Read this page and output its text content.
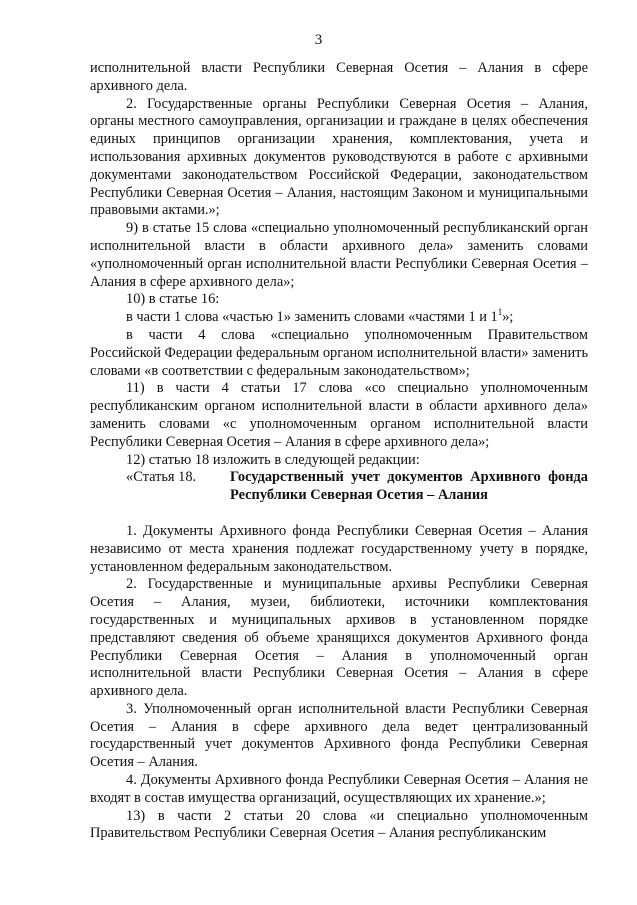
3

исполнительной власти Республики Северная Осетия – Алания в сфере архивного дела.

2. Государственные органы Республики Северная Осетия – Алания, органы местного самоуправления, организации и граждане в целях обеспечения единых принципов организации хранения, комплектования, учета и использования архивных документов руководствуются в работе с архивными документами законодательством Российской Федерации, законодательством Республики Северная Осетия – Алания, настоящим Законом и муниципальными правовыми актами.»;

9) в статье 15 слова «специально уполномоченный республиканский орган исполнительной власти в области архивного дела» заменить словами «уполномоченный орган исполнительной власти Республики Северная Осетия – Алания в сфере архивного дела»;

10) в статье 16:

в части 1 слова «частью 1» заменить словами «частями 1 и $1^1$»;

в части 4 слова «специально уполномоченным Правительством Российской Федерации федеральным органом исполнительной власти» заменить словами «в соответствии с федеральным законодательством»;

11) в части 4 статьи 17 слова «со специально уполномоченным республиканским органом исполнительной власти в области архивного дела» заменить словами «с уполномоченным органом исполнительной власти Республики Северная Осетия – Алания в сфере архивного дела»;

12) статью 18 изложить в следующей редакции:

«Статья 18.	Государственный учет документов Архивного фонда Республики Северная Осетия – Алания

1. Документы Архивного фонда Республики Северная Осетия – Алания независимо от места хранения подлежат государственному учету в порядке, установленном федеральным законодательством.

2. Государственные и муниципальные архивы Республики Северная Осетия – Алания, музеи, библиотеки, источники комплектования государственных и муниципальных архивов в установленном порядке представляют сведения об объеме хранящихся документов Архивного фонда Республики Северная Осетия – Алания в уполномоченный орган исполнительной власти Республики Северная Осетия – Алания в сфере архивного дела.

3. Уполномоченный орган исполнительной власти Республики Северная Осетия – Алания в сфере архивного дела ведет централизованный государственный учет документов Архивного фонда Республики Северная Осетия – Алания.

4. Документы Архивного фонда Республики Северная Осетия – Алания не входят в состав имущества организаций, осуществляющих их хранение.»;

13) в части 2 статьи 20 слова «и специально уполномоченным Правительством Республики Северная Осетия – Алания республиканским
